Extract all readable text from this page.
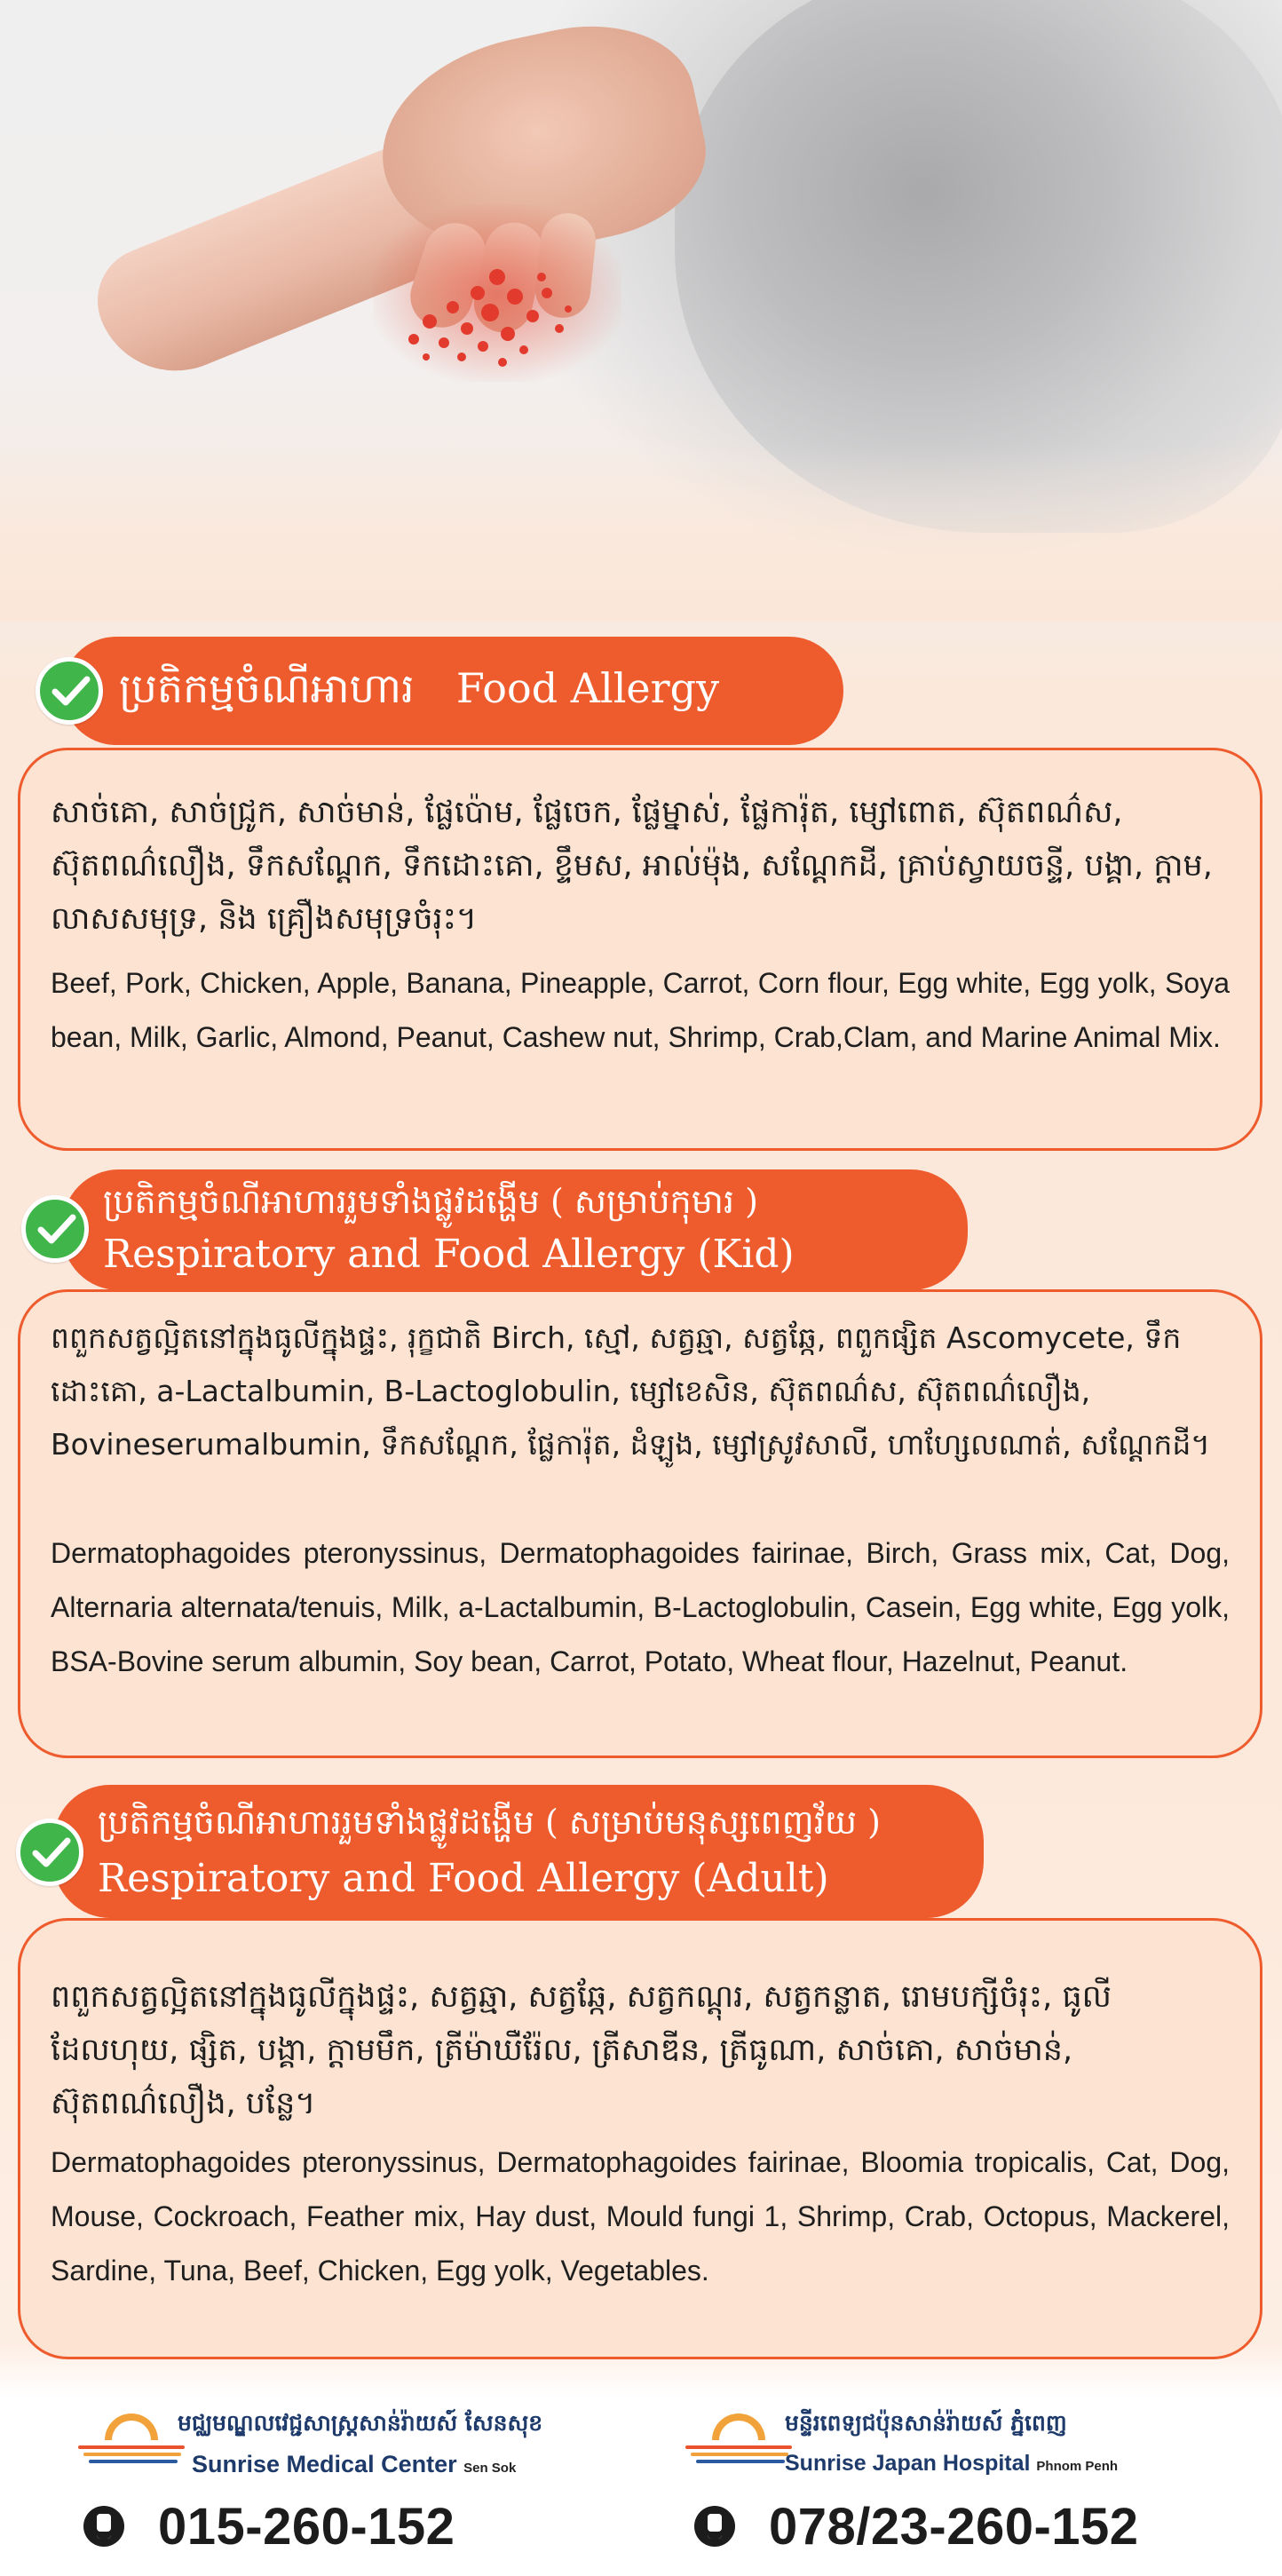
ប្រតិកម្មចំណីអាហារ Food Allergy
សាច់គោ, សាច់ជ្រូក, សាច់មាន់, ផ្លែប៉ោម, ផ្លែចេក, ផ្លែម្នាស់, ផ្លែការ៉ុត, ម្សៅពោត, ស៊ុតពណ៌ស, ស៊ុតពណ៌លឿង, ទឹកសណ្តែក, ទឹកដោះគោ, ខ្ទឹមស, អាល់ម៉ុង, សណ្តែកដី, គ្រាប់ស្វាយចន្ទី, បង្គា, ក្តាម, លាសសមុទ្រ, និង គ្រឿងសមុទ្រចំរុះ។
Beef, Pork, Chicken, Apple, Banana, Pineapple, Carrot, Corn flour, Egg white, Egg yolk, Soya bean, Milk, Garlic, Almond, Peanut, Cashew nut, Shrimp, Crab,Clam, and Marine Animal Mix.
ប្រតិកម្មចំណីអាហាររួមទាំងផ្លូវដង្ហើម ( សម្រាប់កុមារ )
Respiratory and Food Allergy (Kid)
ពពួកសត្វល្អិតនៅក្នុងធូលីក្នុងផ្ទះ, រុក្ខជាតិ Birch, ស្មៅ, សត្វឆ្មា, សត្វឆ្កែ, ពពួកផ្សិត Ascomycete, ទឹកដោះគោ, a-Lactalbumin, B-Lactoglobulin, ម្សៅខេសិន, ស៊ុតពណ៌ស, ស៊ុតពណ៌លឿង, Bovineserumalbumin, ទឹកសណ្តែក, ផ្លែការ៉ុត, ដំឡូង, ម្សៅស្រូវសាលី, ហាហ្សែលណាត់, សណ្តែកដី។
Dermatophagoides pteronyssinus, Dermatophagoides fairinae, Birch, Grass mix, Cat, Dog, Alternaria alternata/tenuis, Milk, a-Lactalbumin, B-Lactoglobulin, Casein, Egg white, Egg yolk, BSA-Bovine serum albumin, Soy bean, Carrot, Potato, Wheat flour, Hazelnut, Peanut.
ប្រតិកម្មចំណីអាហាររួមទាំងផ្លូវដង្ហើម ( សម្រាប់មនុស្សពេញវ័យ )
Respiratory and Food Allergy (Adult)
ពពួកសត្វល្អិតនៅក្នុងធូលីក្នុងផ្ទះ, សត្វឆ្មា, សត្វឆ្កែ, សត្វកណ្តុរ, សត្វកន្លាត, រោមបក្សីចំរុះ, ធូលីដែលហុយ, ផ្សិត, បង្គា, ក្តាមមឹក, ត្រីម៉ាឃឺរ៉ែល, ត្រីសាឌីន, ត្រីធូណា, សាច់គោ, សាច់មាន់, ស៊ុតពណ៌លឿង, បន្លែ។
Dermatophagoides pteronyssinus, Dermatophagoides fairinae, Bloomia tropicalis, Cat, Dog, Mouse, Cockroach, Feather mix, Hay dust, Mould fungi 1, Shrimp, Crab, Octopus, Mackerel, Sardine, Tuna, Beef, Chicken, Egg yolk, Vegetables.
មជ្ឈមណ្ឌលវេជ្ជសាស្ត្រសាន់រ៉ាយស៍ សែនសុខ
Sunrise Medical Center Sen Sok
015-260-152
មន្ទីរពេទ្យជប៉ុនសាន់រ៉ាយស៍ ភ្នំពេញ
Sunrise Japan Hospital Phnom Penh
078/23-260-152
